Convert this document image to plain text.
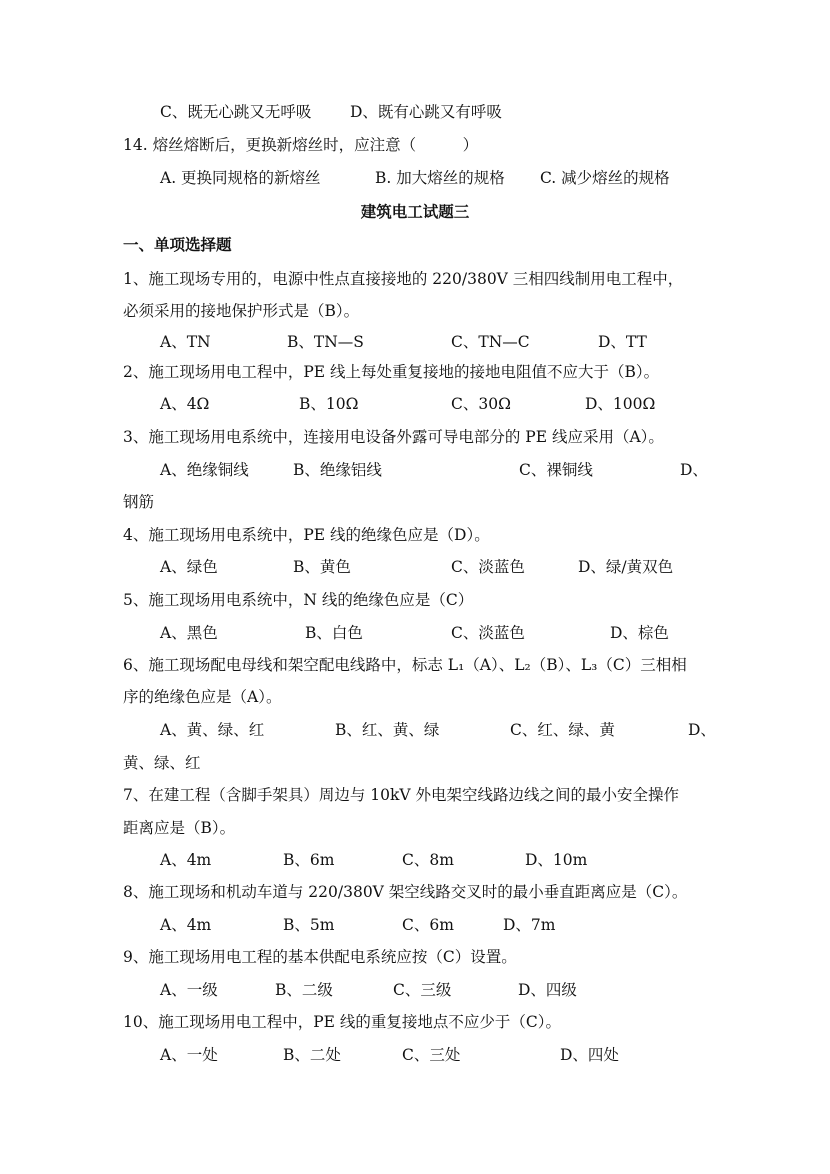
C、既无心跳又无呼吸 D、既有心跳又有呼吸
14. 熔丝熔断后，更换新熔丝时，应注意（　　　）
A. 更换同规格的新熔丝	B. 加大熔丝的规格 C. 减少熔丝的规格
建筑电工试题三
一、单项选择题
1、施工现场专用的，电源中性点直接接地的 220/380V 三相四线制用电工程中，
必须采用的接地保护形式是（B）。
A、TN	B、TN—S	C、TN—C	D、TT
2、施工现场用电工程中，PE 线上每处重复接地的接地电阻值不应大于（B）。
A、4Ω	B、10Ω	C、30Ω	D、100Ω
3、施工现场用电系统中，连接用电设备外露可导电部分的 PE 线应采用（A）。
A、绝缘铜线	B、绝缘铝线	C、裸铜线	D、
钢筋
4、施工现场用电系统中，PE 线的绝缘色应是（D）。
A、绿色	B、黄色	C、淡蓝色	D、绿/黄双色
5、施工现场用电系统中，N 线的绝缘色应是（C）
A、黑色	B、白色	C、淡蓝色	D、棕色
6、施工现场配电母线和架空配电线路中，标志 L₁（A）、L₂（B）、L₃（C）三相相
序的绝缘色应是（A）。
A、黄、绿、红	B、红、黄、绿	C、红、绿、黄	D、
黄、绿、红
7、在建工程（含脚手架具）周边与 10kV 外电架空线路边线之间的最小安全操作
距离应是（B）。
A、4m	B、6m	C、8m	D、10m
8、施工现场和机动车道与 220/380V 架空线路交叉时的最小垂直距离应是（C）。
A、4m	B、5m	C、6m	D、7m
9、施工现场用电工程的基本供配电系统应按（C）设置。
A、一级	B、二级	C、三级	D、四级
10、施工现场用电工程中，PE 线的重复接地点不应少于（C）。
A、一处	B、二处	C、三处	D、四处
